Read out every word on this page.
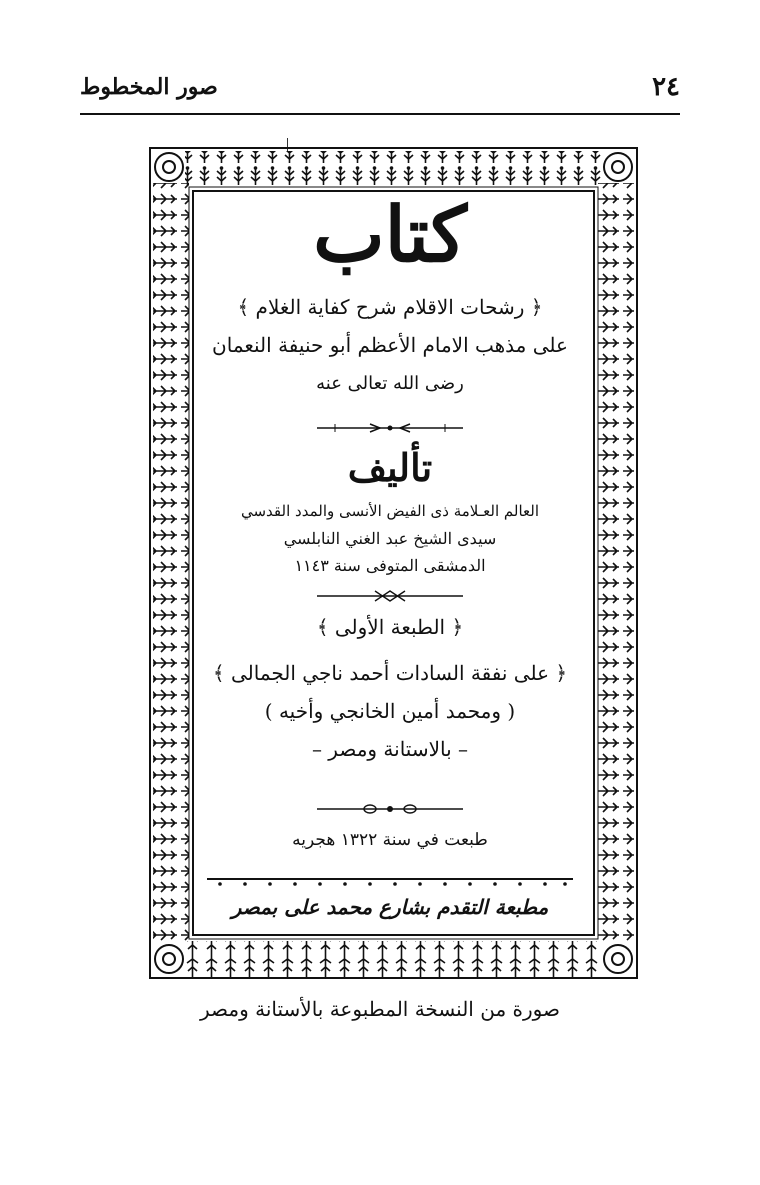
٢٤
صور المخطوط
كتاب
﴿ رشحات الاقلام شرح كفاية الغلام ﴾
على مذهب الامام الأعظم أبو حنيفة النعمان
رضى الله تعالى عنه
تأليف
العالم العـلامة ذى الفيض الأنسى والمدد القدسي
سيدى الشيخ عبد الغني النابلسي
الدمشقى المتوفى سنة ١١٤٣
﴿ الطبعة الأولى ﴾
﴿ على نفقة السادات أحمد ناجي الجمالى ﴾
( ومحمد أمين الخانجي وأخيه )
– بالاستانة ومصر –
طبعت في سنة ١٣٢٢ هجريه
مطبعة التقدم بشارع محمد على بمصر
صورة من النسخة المطبوعة بالأستانة ومصر
